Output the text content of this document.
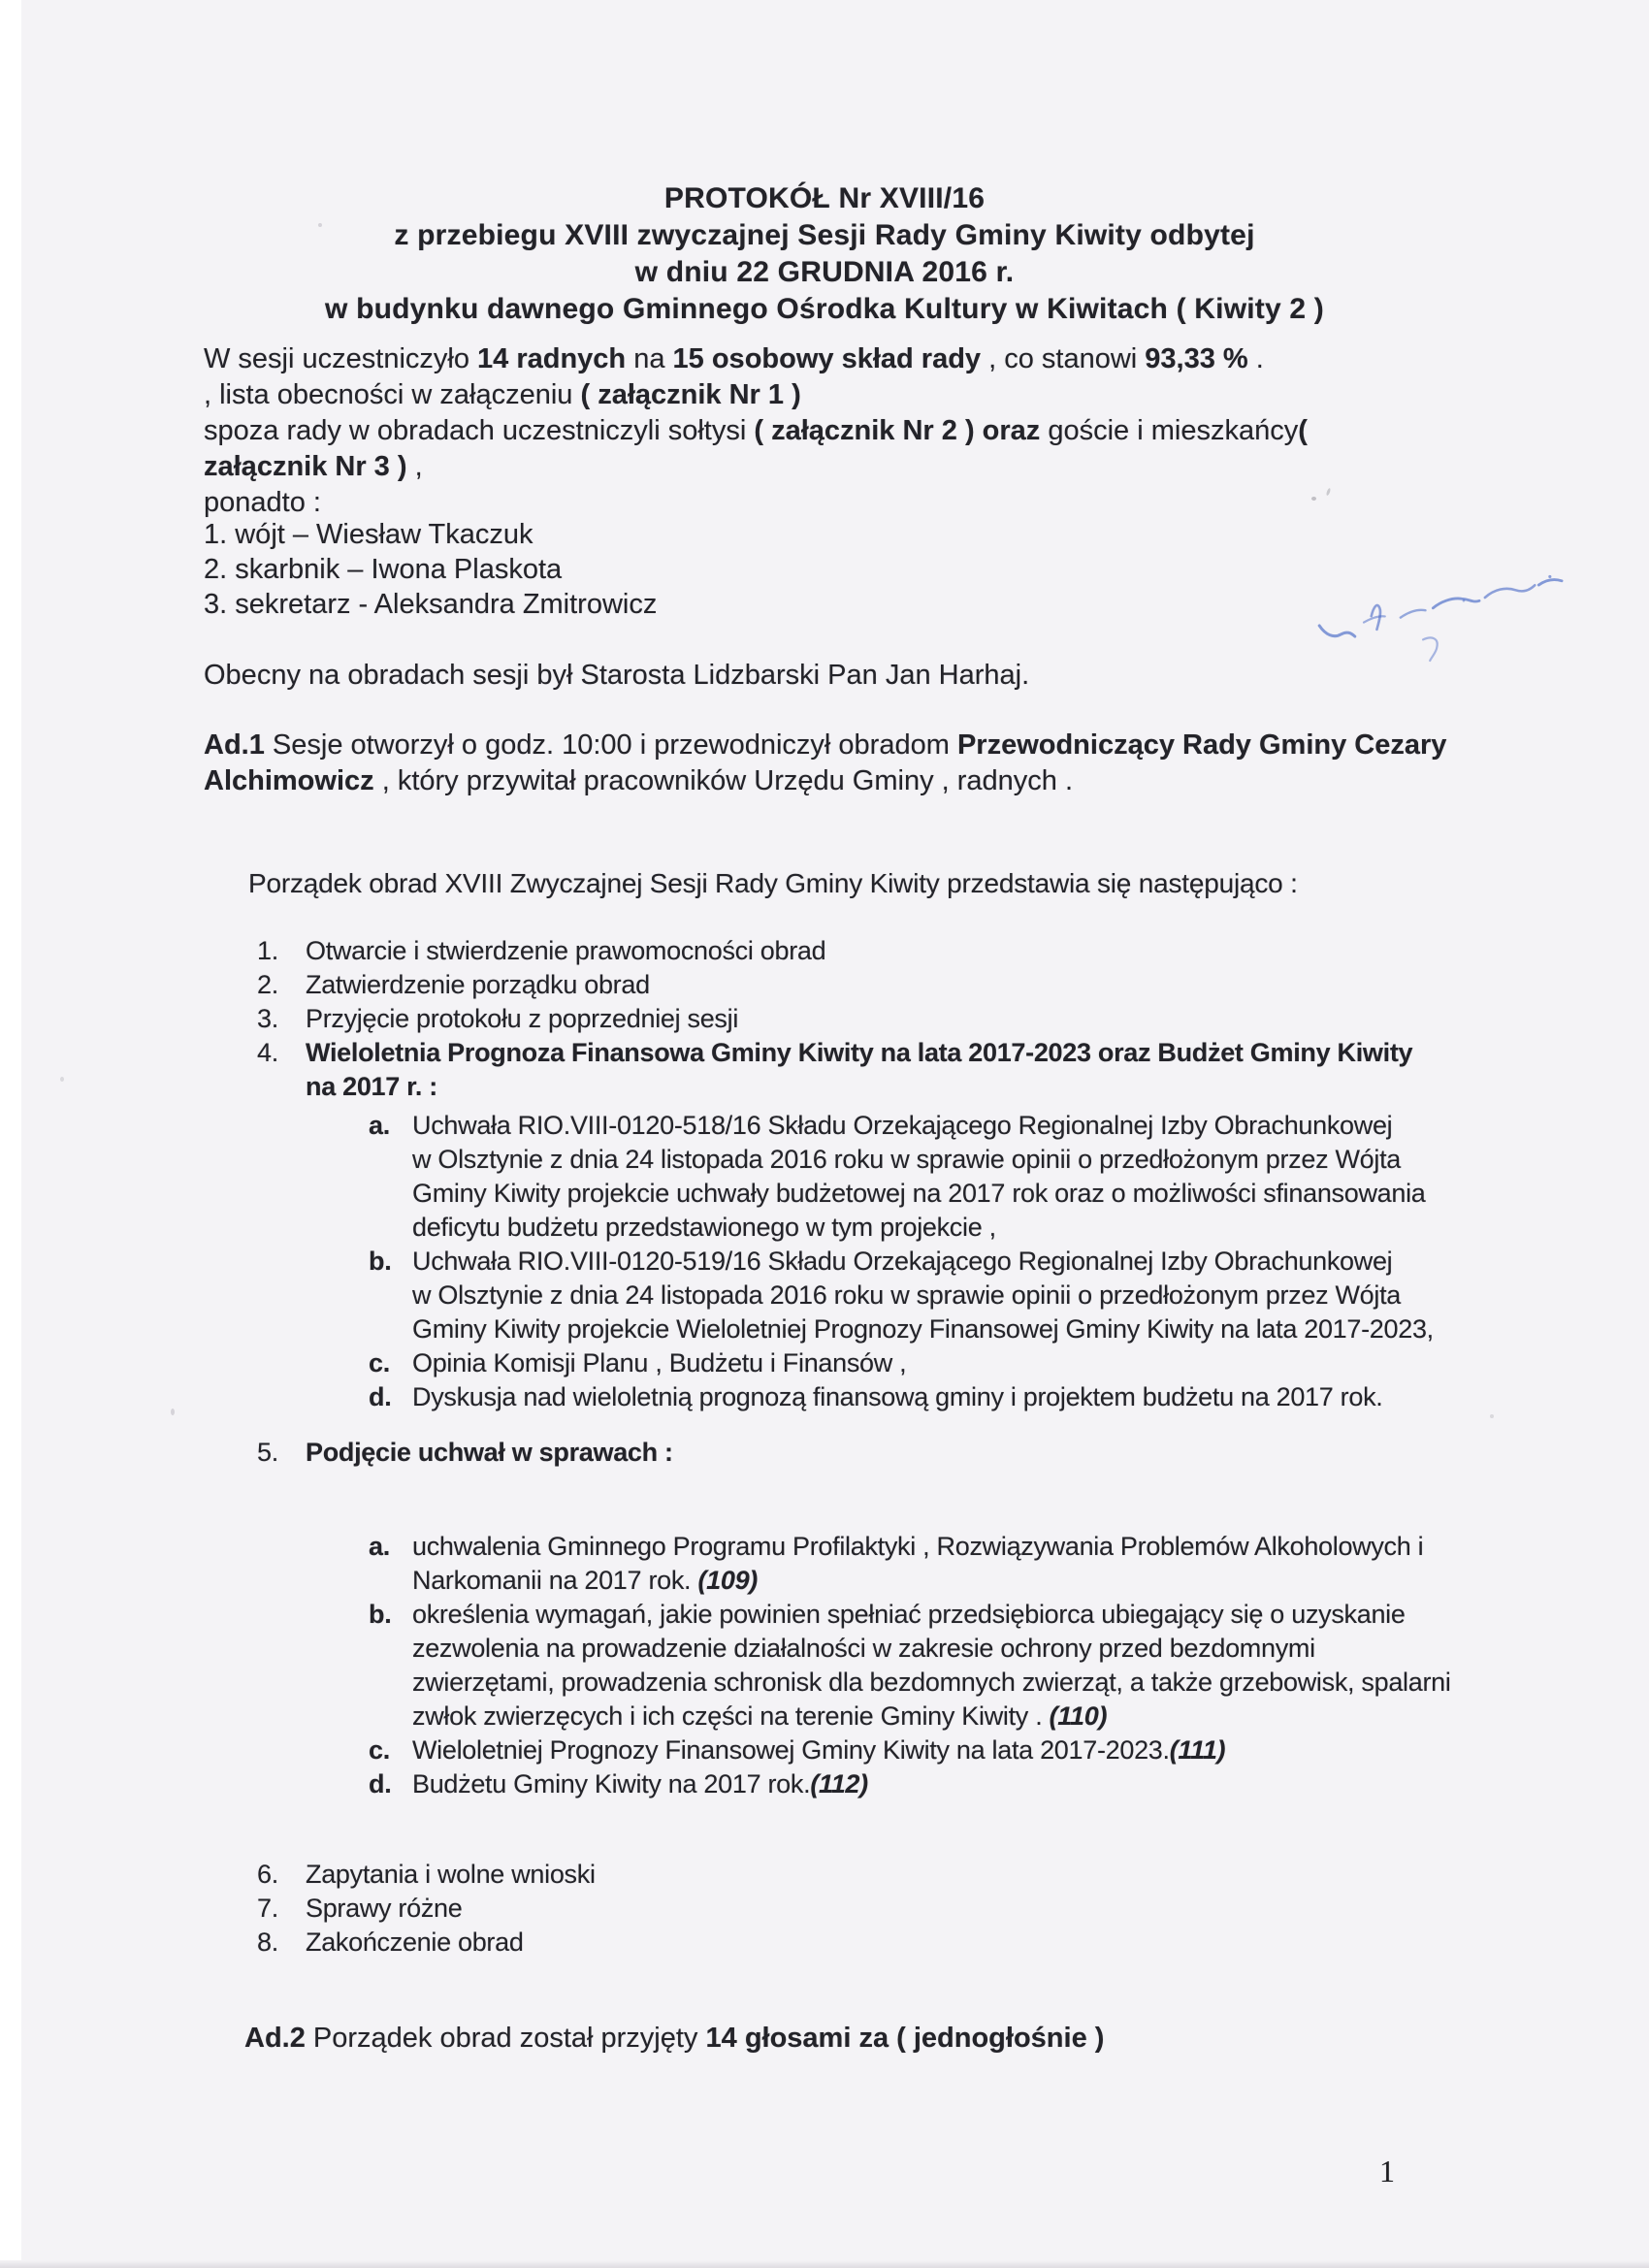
PROTOKÓŁ Nr XVIII/16
z przebiegu XVIII zwyczajnej Sesji Rady Gminy Kiwity odbytej
w dniu 22 GRUDNIA 2016 r.
w budynku dawnego Gminnego Ośrodka Kultury w Kiwitach ( Kiwity 2 )
W sesji uczestniczyło 14 radnych na 15 osobowy skład rady , co stanowi 93,33 % .
, lista obecności w załączeniu ( załącznik Nr 1 )
spoza rady w obradach uczestniczyli sołtysi ( załącznik Nr 2 ) oraz goście i mieszkańcy( załącznik Nr 3 ) ,
ponadto :
1. wójt – Wiesław Tkaczuk
2. skarbnik – Iwona Plaskota
3. sekretarz - Aleksandra Zmitrowicz

Obecny na obradach sesji był Starosta Lidzbarski Pan Jan Harhaj.

Ad.1 Sesje otworzył o godz. 10:00 i przewodniczył obradom Przewodniczący Rady Gminy Cezary
Alchimowicz , który przywitał pracowników Urzędu Gminy , radnych .

Porządek obrad XVIII Zwyczajnej Sesji Rady Gminy Kiwity przedstawia się następująco :

1.	Otwarcie i stwierdzenie prawomocności obrad
2.	Zatwierdzenie porządku obrad
3.	Przyjęcie protokołu z poprzedniej sesji
4.	Wieloletnia Prognoza Finansowa Gminy Kiwity na lata 2017-2023 oraz Budżet Gminy Kiwity
na 2017 r. :
a. Uchwała RIO.VIII-0120-518/16 Składu Orzekającego Regionalnej Izby Obrachunkowej
w Olsztynie z dnia 24 listopada 2016 roku w sprawie opinii o przedłożonym przez Wójta
Gminy Kiwity projekcie uchwały budżetowej na 2017 rok oraz o możliwości sfinansowania
deficytu budżetu przedstawionego w tym projekcie ,
b. Uchwała RIO.VIII-0120-519/16 Składu Orzekającego Regionalnej Izby Obrachunkowej
w Olsztynie z dnia 24 listopada 2016 roku w sprawie opinii o przedłożonym przez Wójta
Gminy Kiwity projekcie Wieloletniej Prognozy Finansowej Gminy Kiwity na lata 2017-2023,
c. Opinia Komisji Planu , Budżetu i Finansów ,
d. Dyskusja nad wieloletnią prognozą finansową gminy i projektem budżetu na 2017 rok.
5.	Podjęcie uchwał w sprawach :
a. uchwalenia Gminnego Programu Profilaktyki , Rozwiązywania Problemów Alkoholowych i
Narkomanii na 2017 rok. (109)
b. określenia wymagań, jakie powinien spełniać przedsiębiorca ubiegający się o uzyskanie
zezwolenia na prowadzenie działalności w zakresie ochrony przed bezdomnymi
zwierzętami, prowadzenia schronisk dla bezdomnych zwierząt, a także grzebowisk, spalarni
zwłok zwierzęcych i ich części na terenie Gminy Kiwity . (110)
c. Wieloletniej Prognozy Finansowej Gminy Kiwity na lata 2017-2023.(111)
d. Budżetu Gminy Kiwity na 2017 rok.(112)
6.	Zapytania i wolne wnioski
7.	Sprawy różne
8.	Zakończenie obrad

Ad.2 Porządek obrad został przyjęty 14 głosami za ( jednogłośnie )

1
